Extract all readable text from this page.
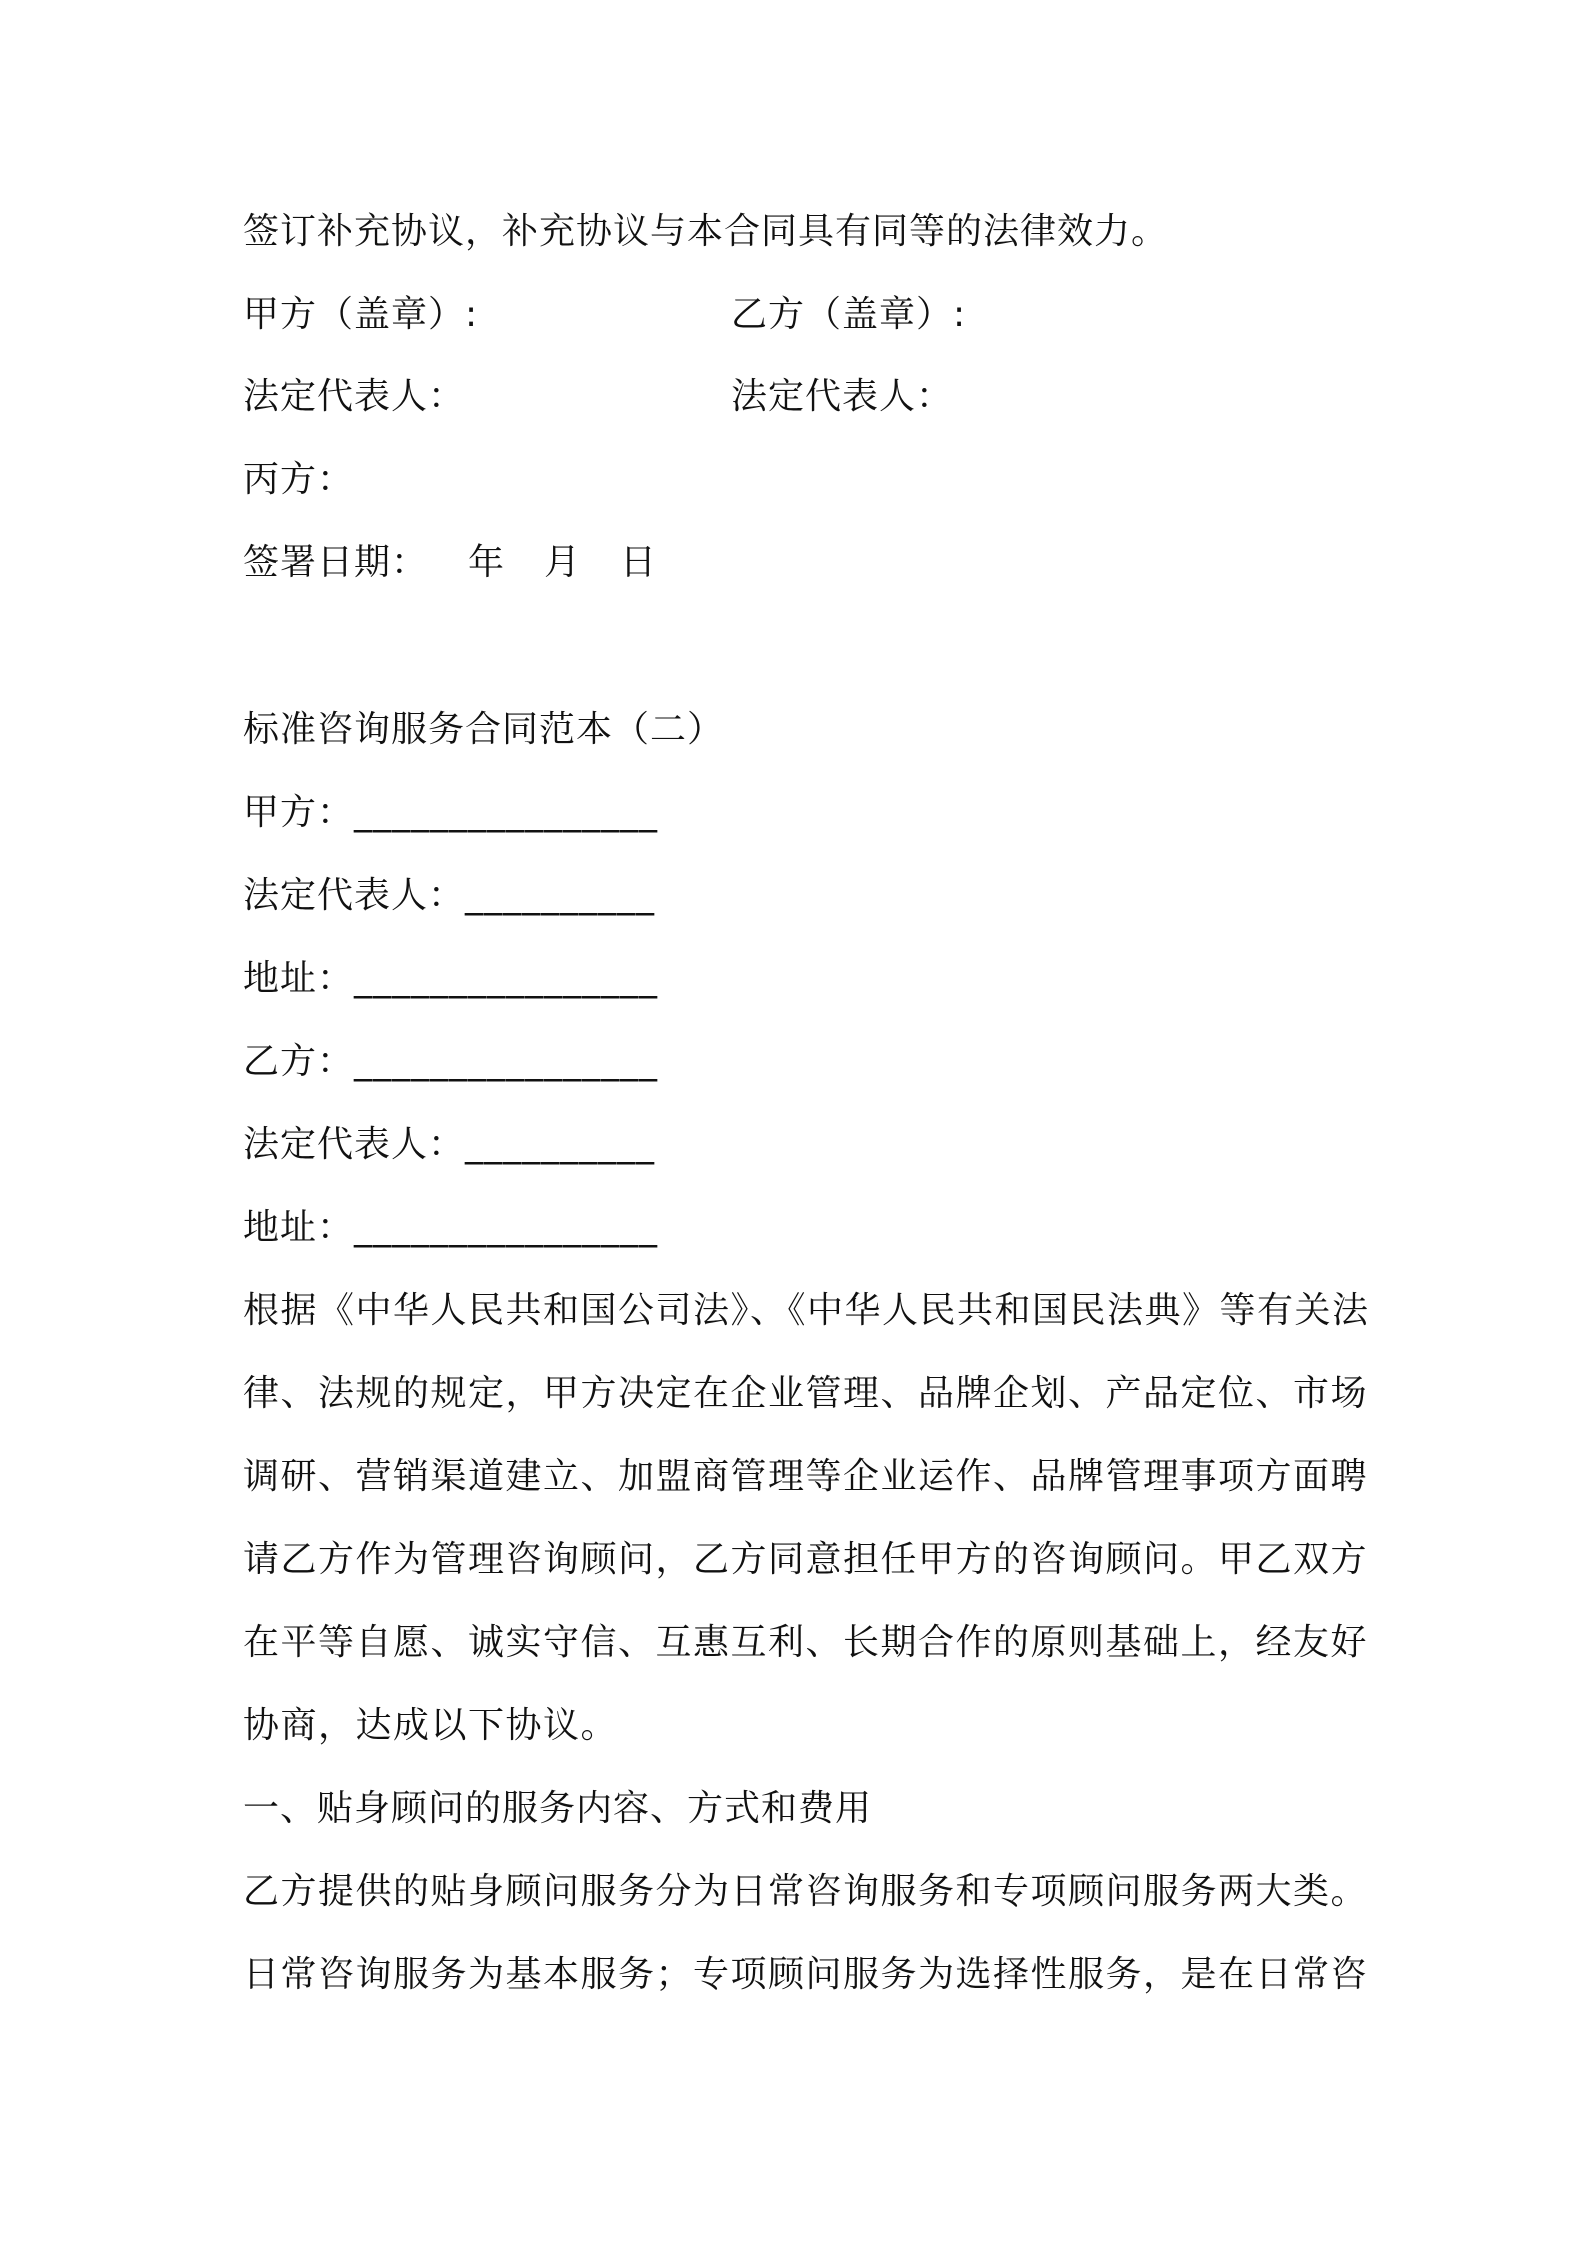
签订补充协议，补充协议与本合同具有同等的法律效力。
甲方（盖章）:	乙方（盖章）:
法定代表人：	法定代表人：
丙方：
签署日期： 年 月 日
标准咨询服务合同范本（二）
甲方：________________
法定代表人：__________
地址：________________
乙方：________________
法定代表人：__________
地址：________________
根据《中华人民共和国公司法》、《中华人民共和国民法典》等有关法
律、法规的规定，甲方决定在企业管理、品牌企划、产品定位、市场
调研、营销渠道建立、加盟商管理等企业运作、品牌管理事项方面聘
请乙方作为管理咨询顾问，乙方同意担任甲方的咨询顾问。甲乙双方
在平等自愿、诚实守信、互惠互利、长期合作的原则基础上，经友好
协商，达成以下协议。
一、贴身顾问的服务内容、方式和费用
乙方提供的贴身顾问服务分为日常咨询服务和专项顾问服务两大类。
日常咨询服务为基本服务；专项顾问服务为选择性服务，是在日常咨
